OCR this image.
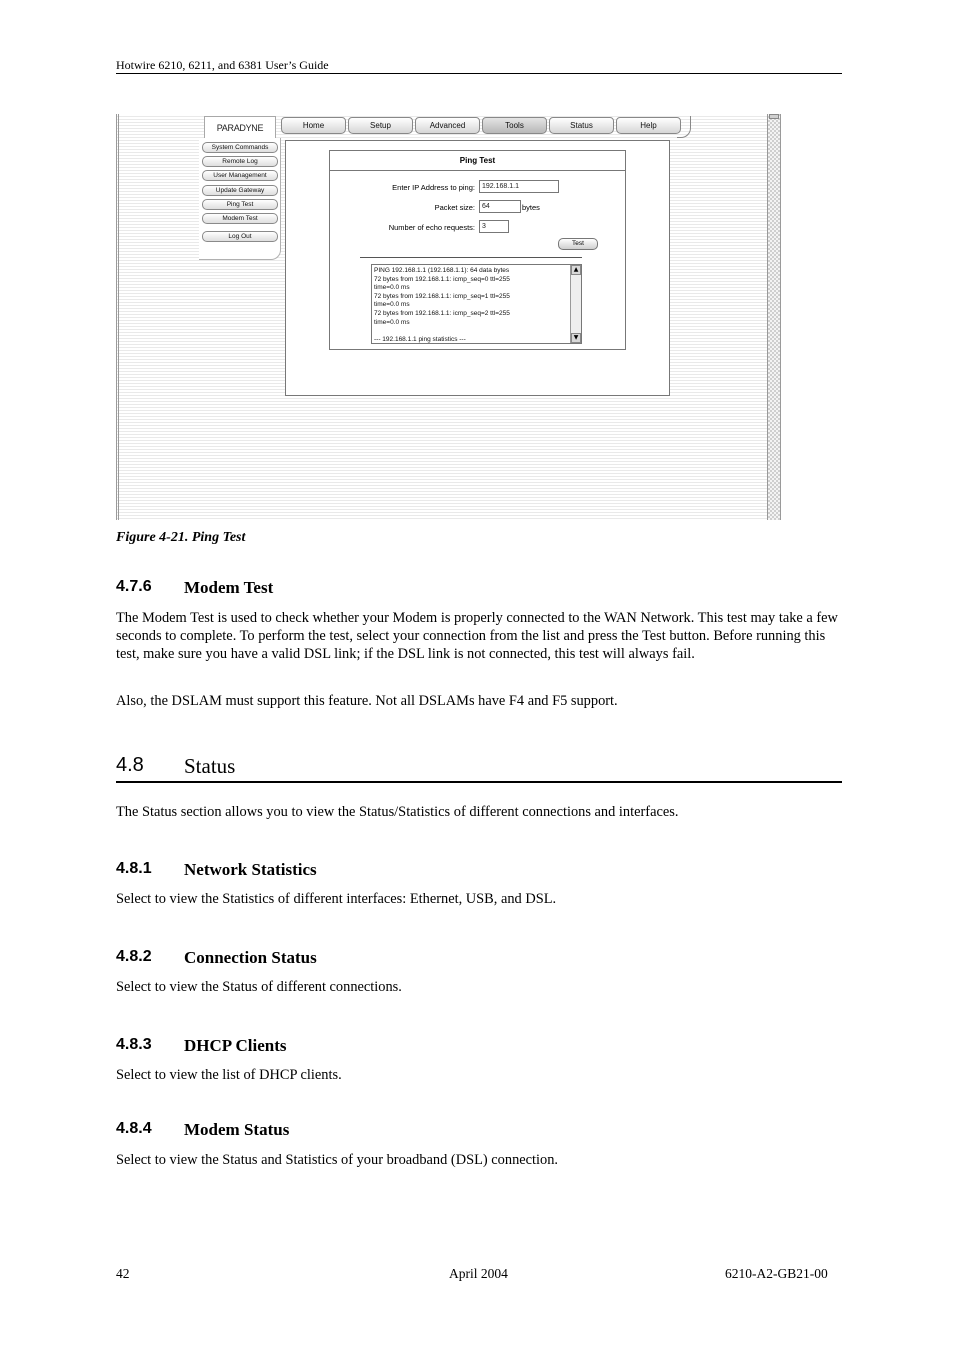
Hotwire 6210, 6211, and 6381 User’s Guide
PARADYNE	Home	Setup	Advanced	Tools	Status	Help
System Commands
Remote Log
User Management
Update Gateway
Ping Test
Modem Test
Log Out
Ping Test
Enter IP Address to ping:	192.168.1.1
Packet size:	64	bytes
Number of echo requests:	3
Test
PING 192.168.1.1 (192.168.1.1): 64 data bytes
72 bytes from 192.168.1.1: icmp_seq=0 ttl=255
time=0.0 ms
72 bytes from 192.168.1.1: icmp_seq=1 ttl=255
time=0.0 ms
72 bytes from 192.168.1.1: icmp_seq=2 ttl=255
time=0.0 ms
--- 192.168.1.1 ping statistics ---
▲
▼
Figure 4-21. Ping Test
4.7.6 Modem Test
The Modem Test is used to check whether your Modem is properly connected to the WAN Network. This test may take a few seconds to complete. To perform the test, select your connection from the list and press the Test button. Before running this test, make sure you have a valid DSL link; if the DSL link is not connected, this test will always fail.
Also, the DSLAM must support this feature. Not all DSLAMs have F4 and F5 support.
4.8 Status
The Status section allows you to view the Status/Statistics of different connections and interfaces.
4.8.1 Network Statistics
Select to view the Statistics of different interfaces: Ethernet, USB, and DSL.
4.8.2 Connection Status
Select to view the Status of different connections.
4.8.3 DHCP Clients
Select to view the list of DHCP clients.
4.8.4 Modem Status
Select to view the Status and Statistics of your broadband (DSL) connection.
42	April 2004	6210-A2-GB21-00
